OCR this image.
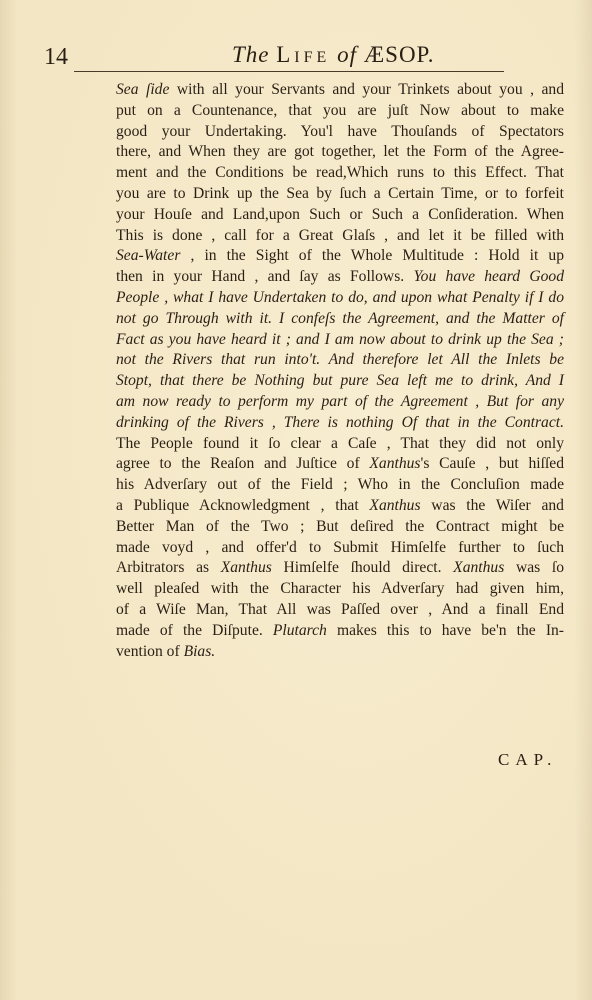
14	The Life of ÆSOP.
Sea ſide with all your Servants and your Trinkets about you , and
put on a Countenance, that you are juſt Now about to make
good your Undertaking. You'l have Thouſands of Spectators
there, and When they are got together, let the Form of the Agree-
ment and the Conditions be read,Which runs to this Effect. That
you are to Drink up the Sea by ſuch a Certain Time, or to forfeit
your Houſe and Land,upon Such or Such a Conſideration. When
This is done , call for a Great Glaſs , and let it be filled with
Sea-Water , in the Sight of the Whole Multitude : Hold it up
then in your Hand , and ſay as Follows. You have heard Good
People , what I have Undertaken to do, and upon what Penalty if I do
not go Through with it. I confeſs the Agreement, and the Matter of
Fact as you have heard it ; and I am now about to drink up the Sea ;
not the Rivers that run into't. And therefore let All the Inlets be
Stopt, that there be Nothing but pure Sea left me to drink, And I
am now ready to perform my part of the Agreement , But for any
drinking of the Rivers , There is nothing Of that in the Contract.
The People found it ſo clear a Caſe , That they did not only
agree to the Reaſon and Juſtice of Xanthus's Cauſe , but hiſſed
his Adverſary out of the Field ; Who in the Concluſion made
a Publique Acknowledgment , that Xanthus was the Wiſer and
Better Man of the Two ; But deſired the Contract might be
made voyd , and offer'd to Submit Himſelfe further to ſuch
Arbitrators as Xanthus Himſelfe ſhould direct. Xanthus was ſo
well pleaſed with the Character his Adverſary had given him,
of a Wiſe Man, That All was Paſſed over , And a finall End
made of the Diſpute. Plutarch makes this to have be'n the In-
vention of Bias.
CAP.
